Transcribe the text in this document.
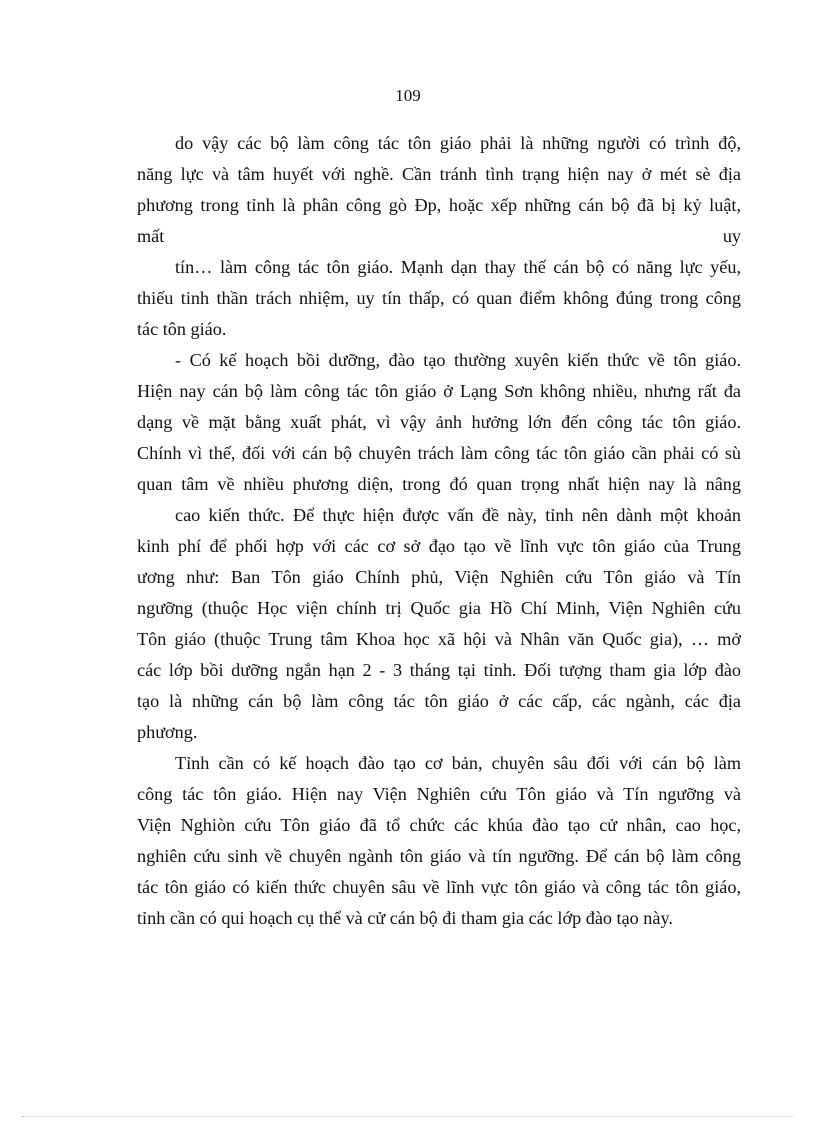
109
do vậy các bộ làm công tác tôn giáo phải là những người có trình độ,
năng lực và tâm huyết với nghề. Cần tránh tình trạng hiện nay ở mét sè địa
phương trong tỉnh là phân công gò Đp, hoặc xếp những cán bộ đã bị kỷ luật,
mất	uy
tín… làm công tác tôn giáo. Mạnh dạn thay thế cán bộ có năng lực yếu,
thiếu tinh thần trách nhiệm, uy tín thấp, có quan điểm không đúng trong công
tác tôn giáo.
- Có kế hoạch bồi dưỡng, đào tạo thường xuyên kiến thức về tôn giáo.
Hiện nay cán bộ làm công tác tôn giáo ở Lạng Sơn không nhiều, nhưng rất đa
dạng về mặt bằng xuất phát, vì vậy ảnh hưởng lớn đến công tác tôn giáo.
Chính vì thế, đối với cán bộ chuyên trách làm công tác tôn giáo cần phải có sù
quan tâm về nhiều phương diện, trong đó quan trọng nhất hiện nay là nâng
cao kiến thức. Để thực hiện được vấn đề này, tỉnh nên dành một khoản
kinh phí để phối hợp với các cơ sở đạo tạo về lĩnh vực tôn giáo của Trung
ương như: Ban Tôn giáo Chính phủ, Viện Nghiên cứu Tôn giáo và Tín
ngưỡng (thuộc Học viện chính trị Quốc gia Hồ Chí Minh, Viện Nghiên cứu
Tôn giáo (thuộc Trung tâm Khoa học xã hội và Nhân văn Quốc gia), … mở
các lớp bồi dưỡng ngắn hạn 2 - 3 tháng tại tỉnh. Đối tượng tham gia lớp đào
tạo là những cán bộ làm công tác tôn giáo ở các cấp, các ngành, các địa
phương.
Tỉnh cần có kế hoạch đào tạo cơ bản, chuyên sâu đối với cán bộ làm
công tác tôn giáo. Hiện nay Viện Nghiên cứu Tôn giáo và Tín ngưỡng và
Viện Nghiòn cứu Tôn giáo đã tổ chức các khúa đào tạo cử nhân, cao học,
nghiên cứu sinh về chuyên ngành tôn giáo và tín ngưỡng. Để cán bộ làm công
tác tôn giáo có kiến thức chuyên sâu về lĩnh vực tôn giáo và công tác tôn giáo,
tỉnh cần có qui hoạch cụ thể và cử cán bộ đi tham gia các lớp đào tạo này.
